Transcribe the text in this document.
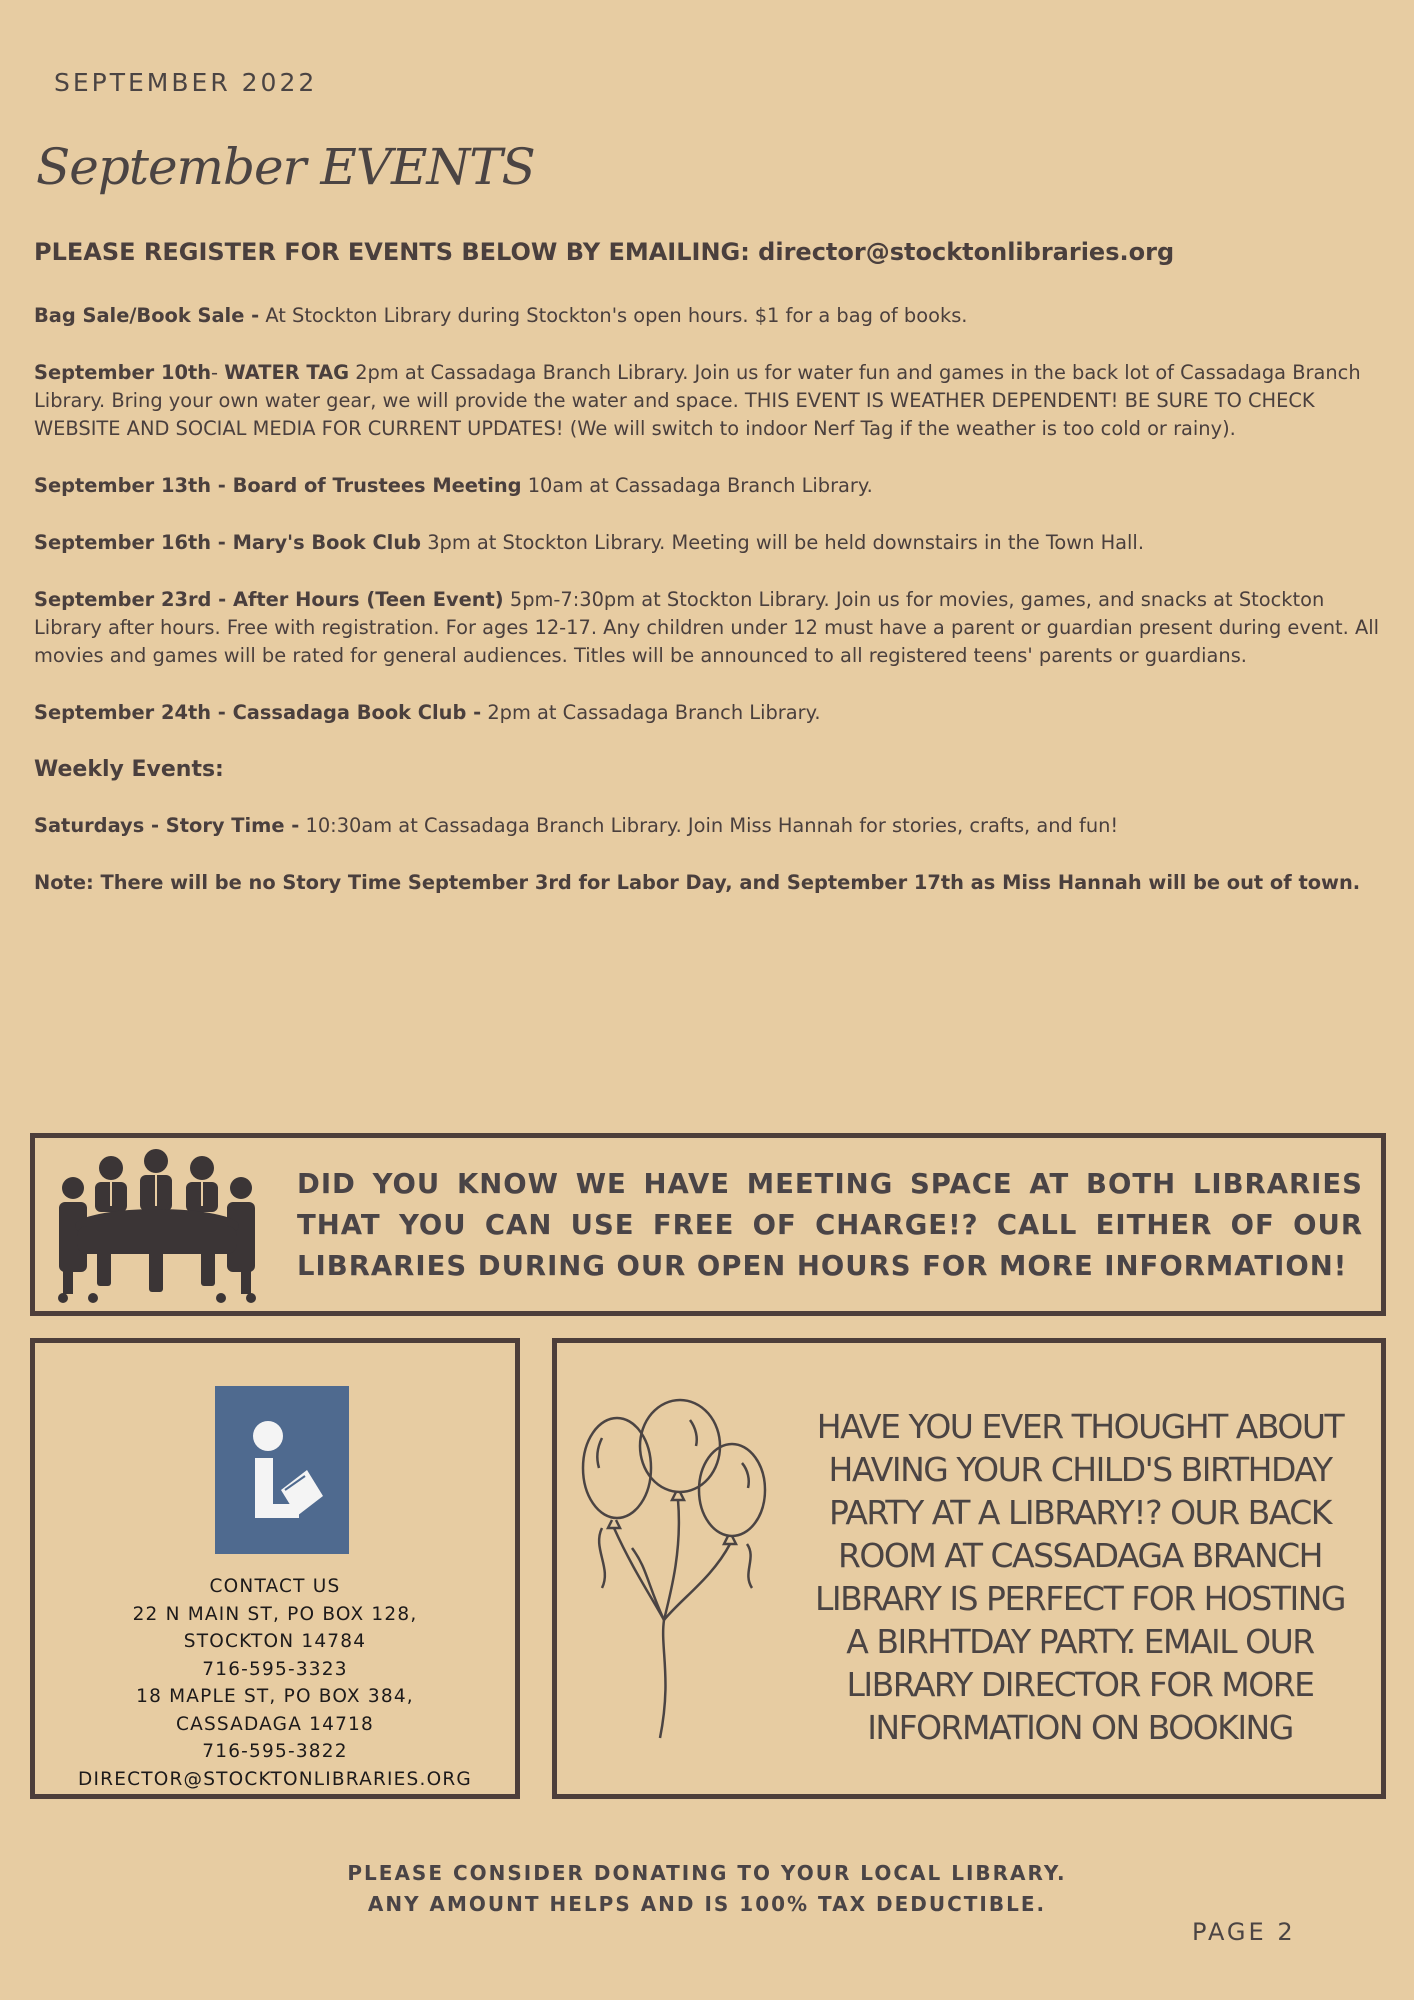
SEPTEMBER 2022
September EVENTS
PLEASE REGISTER FOR EVENTS BELOW BY EMAILING: director@stocktonlibraries.org

Bag Sale/Book Sale - At Stockton Library during Stockton's open hours. $1 for a bag of books.

September 10th- WATER TAG 2pm at Cassadaga Branch Library. Join us for water fun and games in the back lot of Cassadaga Branch Library. Bring your own water gear, we will provide the water and space. THIS EVENT IS WEATHER DEPENDENT! BE SURE TO CHECK WEBSITE AND SOCIAL MEDIA FOR CURRENT UPDATES! (We will switch to indoor Nerf Tag if the weather is too cold or rainy).

September 13th - Board of Trustees Meeting 10am at Cassadaga Branch Library.

September 16th - Mary's Book Club 3pm at Stockton Library. Meeting will be held downstairs in the Town Hall.

September 23rd - After Hours (Teen Event) 5pm-7:30pm at Stockton Library. Join us for movies, games, and snacks at Stockton Library after hours. Free with registration. For ages 12-17. Any children under 12 must have a parent or guardian present during event. All movies and games will be rated for general audiences. Titles will be announced to all registered teens' parents or guardians.

September 24th - Cassadaga Book Club - 2pm at Cassadaga Branch Library.

Weekly Events:

Saturdays - Story Time - 10:30am at Cassadaga Branch Library. Join Miss Hannah for stories, crafts, and fun!

Note: There will be no Story Time September 3rd for Labor Day, and September 17th as Miss Hannah will be out of town.

DID YOU KNOW WE HAVE MEETING SPACE AT BOTH LIBRARIES THAT YOU CAN USE FREE OF CHARGE!? CALL EITHER OF OUR LIBRARIES DURING OUR OPEN HOURS FOR MORE INFORMATION!
CONTACT US
22 N MAIN ST, PO BOX 128,
STOCKTON 14784
716-595-3323
18 MAPLE ST, PO BOX 384,
CASSADAGA 14718
716-595-3822
DIRECTOR@STOCKTONLIBRARIES.ORG
HAVE YOU EVER THOUGHT ABOUT
HAVING YOUR CHILD'S BIRTHDAY
PARTY AT A LIBRARY!? OUR BACK
ROOM AT CASSADAGA BRANCH
LIBRARY IS PERFECT FOR HOSTING
A BIRHTDAY PARTY. EMAIL OUR
LIBRARY DIRECTOR FOR MORE
INFORMATION ON BOOKING
PLEASE CONSIDER DONATING TO YOUR LOCAL LIBRARY.
ANY AMOUNT HELPS AND IS 100% TAX DEDUCTIBLE.
PAGE 2
